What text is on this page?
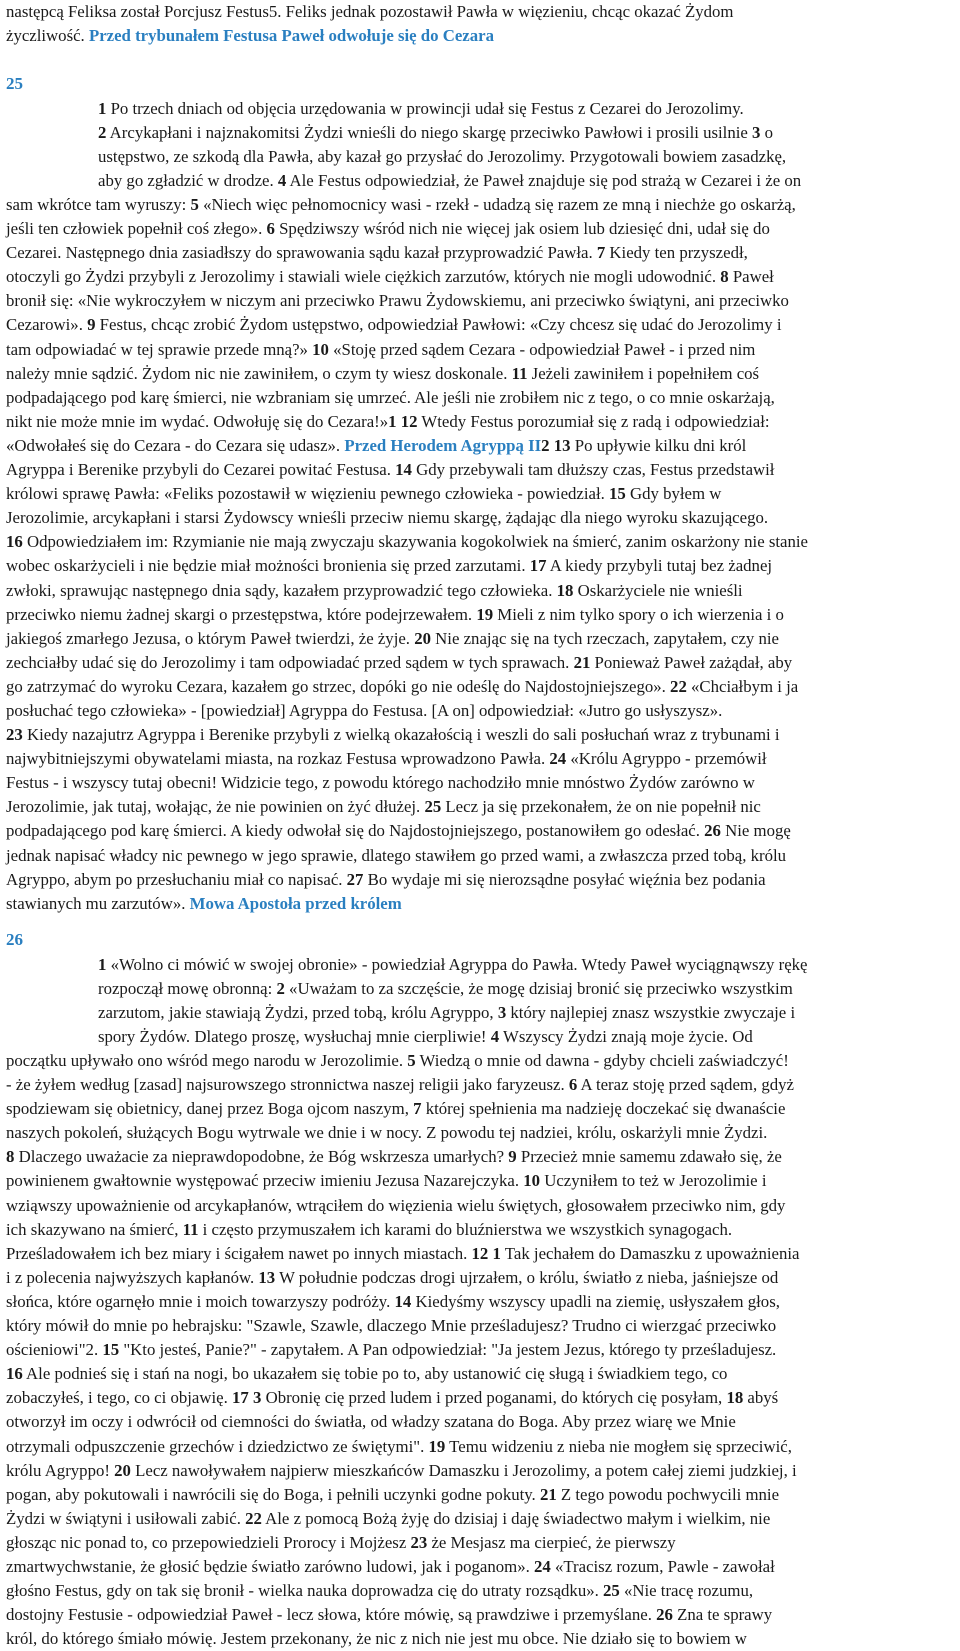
następcą Feliksa został Porcjusz Festus5. Feliks jednak pozostawił Pawła w więzieniu, chcąc okazać Żydom
życzliwość. Przed trybunałem Festusa Paweł odwołuje się do Cezara
25
1 Po trzech dniach od objęcia urzędowania w prowincji udał się Festus z Cezarei do Jerozolimy.
2 Arcykapłani i najznakomitsi Żydzi wnieśli do niego skargę przeciwko Pawłowi i prosili usilnie 3 o
ustępstwo, ze szkodą dla Pawła, aby kazał go przysłać do Jerozolimy. Przygotowali bowiem zasadzkę,
aby go zgładzić w drodze. 4 Ale Festus odpowiedział, że Paweł znajduje się pod strażą w Cezarei i że on
sam wkrótce tam wyruszy: 5 «Niech więc pełnomocnicy wasi - rzekł - udadzą się razem ze mną i niechże go oskarżą,
jeśli ten człowiek popełnił coś złego». 6 Spędziwszy wśród nich nie więcej jak osiem lub dziesięć dni, udał się do
Cezarei. Następnego dnia zasiadłszy do sprawowania sądu kazał przyprowadzić Pawła. 7 Kiedy ten przyszedł,
otoczyli go Żydzi przybyli z Jerozolimy i stawiali wiele ciężkich zarzutów, których nie mogli udowodnić. 8 Paweł
bronił się: «Nie wykroczyłem w niczym ani przeciwko Prawu Żydowskiemu, ani przeciwko świątyni, ani przeciwko
Cezarowi». 9 Festus, chcąc zrobić Żydom ustępstwo, odpowiedział Pawłowi: «Czy chcesz się udać do Jerozolimy i
tam odpowiadać w tej sprawie przede mną?» 10 «Stoję przed sądem Cezara - odpowiedział Paweł - i przed nim
należy mnie sądzić. Żydom nic nie zawiniłem, o czym ty wiesz doskonale. 11 Jeżeli zawiniłem i popełniłem coś
podpadającego pod karę śmierci, nie wzbraniam się umrzeć. Ale jeśli nie zrobiłem nic z tego, o co mnie oskarżają,
nikt nie może mnie im wydać. Odwołuję się do Cezara!»1 12 Wtedy Festus porozumiał się z radą i odpowiedział:
«Odwołałeś się do Cezara - do Cezara się udasz». Przed Herodem Agryppą II2 13 Po upływie kilku dni król
Agryppa i Berenike przybyli do Cezarei powitać Festusa. 14 Gdy przebywali tam dłuższy czas, Festus przedstawił
królowi sprawę Pawła: «Feliks pozostawił w więzieniu pewnego człowieka - powiedział. 15 Gdy byłem w
Jerozolimie, arcykapłani i starsi Żydowscy wnieśli przeciw niemu skargę, żądając dla niego wyroku skazującego.
16 Odpowiedziałem im: Rzymianie nie mają zwyczaju skazywania kogokolwiek na śmierć, zanim oskarżony nie stanie
wobec oskarżycieli i nie będzie miał możności bronienia się przed zarzutami. 17 A kiedy przybyli tutaj bez żadnej
zwłoki, sprawując następnego dnia sądy, kazałem przyprowadzić tego człowieka. 18 Oskarżyciele nie wnieśli
przeciwko niemu żadnej skargi o przestępstwa, które podejrzewałem. 19 Mieli z nim tylko spory o ich wierzenia i o
jakiegoś zmarłego Jezusa, o którym Paweł twierdzi, że żyje. 20 Nie znając się na tych rzeczach, zapytałem, czy nie
zechciałby udać się do Jerozolimy i tam odpowiadać przed sądem w tych sprawach. 21 Ponieważ Paweł zażądał, aby
go zatrzymać do wyroku Cezara, kazałem go strzec, dopóki go nie odeślę do Najdostojniejszego». 22 «Chciałbym i ja
posłuchać tego człowieka» - [powiedział] Agryppa do Festusa. [A on] odpowiedział: «Jutro go usłyszysz».
23 Kiedy nazajutrz Agryppa i Berenike przybyli z wielką okazałością i weszli do sali posłuchań wraz z trybunami i
najwybitniejszymi obywatelami miasta, na rozkaz Festusa wprowadzono Pawła. 24 «Królu Agryppo - przemówił
Festus - i wszyscy tutaj obecni! Widzicie tego, z powodu którego nachodziło mnie mnóstwo Żydów zarówno w
Jerozolimie, jak tutaj, wołając, że nie powinien on żyć dłużej. 25 Lecz ja się przekonałem, że on nie popełnił nic
podpadającego pod karę śmierci. A kiedy odwołał się do Najdostojniejszego, postanowiłem go odesłać. 26 Nie mogę
jednak napisać władcy nic pewnego w jego sprawie, dlatego stawiłem go przed wami, a zwłaszcza przed tobą, królu
Agryppo, abym po przesłuchaniu miał co napisać. 27 Bo wydaje mi się nierozsądne posyłać więźnia bez podania
stawianych mu zarzutów». Mowa Apostoła przed królem
26
1 «Wolno ci mówić w swojej obronie» - powiedział Agryppa do Pawła. Wtedy Paweł wyciągnąwszy rękę
rozpoczął mowę obronną: 2 «Uważam to za szczęście, że mogę dzisiaj bronić się przeciwko wszystkim
zarzutom, jakie stawiają Żydzi, przed tobą, królu Agryppo, 3 który najlepiej znasz wszystkie zwyczaje i
spory Żydów. Dlatego proszę, wysłuchaj mnie cierpliwie! 4 Wszyscy Żydzi znają moje życie. Od
początku upływało ono wśród mego narodu w Jerozolimie. 5 Wiedzą o mnie od dawna - gdyby chcieli zaświadczyć!
- że żyłem według [zasad] najsurowszego stronnictwa naszej religii jako faryzeusz. 6 A teraz stoję przed sądem, gdyż
spodziewam się obietnicy, danej przez Boga ojcom naszym, 7 której spełnienia ma nadzieję doczekać się dwanaście
naszych pokoleń, służących Bogu wytrwale we dnie i w nocy. Z powodu tej nadziei, królu, oskarżyli mnie Żydzi.
8 Dlaczego uważacie za nieprawdopodobne, że Bóg wskrzesza umarłych? 9 Przecież mnie samemu zdawało się, że
powinienem gwałtownie występować przeciw imieniu Jezusa Nazarejczyka. 10 Uczyniłem to też w Jerozolimie i
wziąwszy upoważnienie od arcykapłanów, wtrąciłem do więzienia wielu świętych, głosowałem przeciwko nim, gdy
ich skazywano na śmierć, 11 i często przymuszałem ich karami do bluźnierstwa we wszystkich synagogach.
Prześladowałem ich bez miary i ścigałem nawet po innych miastach. 12 1 Tak jechałem do Damaszku z upoważnienia
i z polecenia najwyższych kapłanów. 13 W południe podczas drogi ujrzałem, o królu, światło z nieba, jaśniejsze od
słońca, które ogarnęło mnie i moich towarzyszy podróży. 14 Kiedyśmy wszyscy upadli na ziemię, usłyszałem głos,
który mówił do mnie po hebrajsku: "Szawle, Szawle, dlaczego Mnie prześladujesz? Trudno ci wierzgać przeciwko
ościeniowi"2. 15 "Kto jesteś, Panie?" - zapytałem. A Pan odpowiedział: "Ja jestem Jezus, którego ty prześladujesz.
16 Ale podnieś się i stań na nogi, bo ukazałem się tobie po to, aby ustanowić cię sługą i świadkiem tego, co
zobaczyłeś, i tego, co ci objawię. 17 3 Obronię cię przed ludem i przed poganami, do których cię posyłam, 18 abyś
otworzył im oczy i odwrócił od ciemności do światła, od władzy szatana do Boga. Aby przez wiarę we Mnie
otrzymali odpuszczenie grzechów i dziedzictwo ze świętymi". 19 Temu widzeniu z nieba nie mogłem się sprzeciwić,
królu Agryppo! 20 Lecz nawoływałem najpierw mieszkańców Damaszku i Jerozolimy, a potem całej ziemi judzkiej, i
pogan, aby pokutowali i nawrócili się do Boga, i pełnili uczynki godne pokuty. 21 Z tego powodu pochwycili mnie
Żydzi w świątyni i usiłowali zabić. 22 Ale z pomocą Bożą żyję do dzisiaj i daję świadectwo małym i wielkim, nie
głosząc nic ponad to, co przepowiedzieli Prorocy i Mojżesz 23 że Mesjasz ma cierpieć, że pierwszy
zmartwychwstanie, że głosić będzie światło zarówno ludowi, jak i poganom». 24 «Tracisz rozum, Pawle - zawołał
głośno Festus, gdy on tak się bronił - wielka nauka doprowadza cię do utraty rozsądku». 25 «Nie tracę rozumu,
dostojny Festusie - odpowiedział Paweł - lecz słowa, które mówię, są prawdziwe i przemyślane. 26 Zna te sprawy
król, do którego śmiało mówię. Jestem przekonany, że nic z nich nie jest mu obce. Nie działo się to bowiem w
